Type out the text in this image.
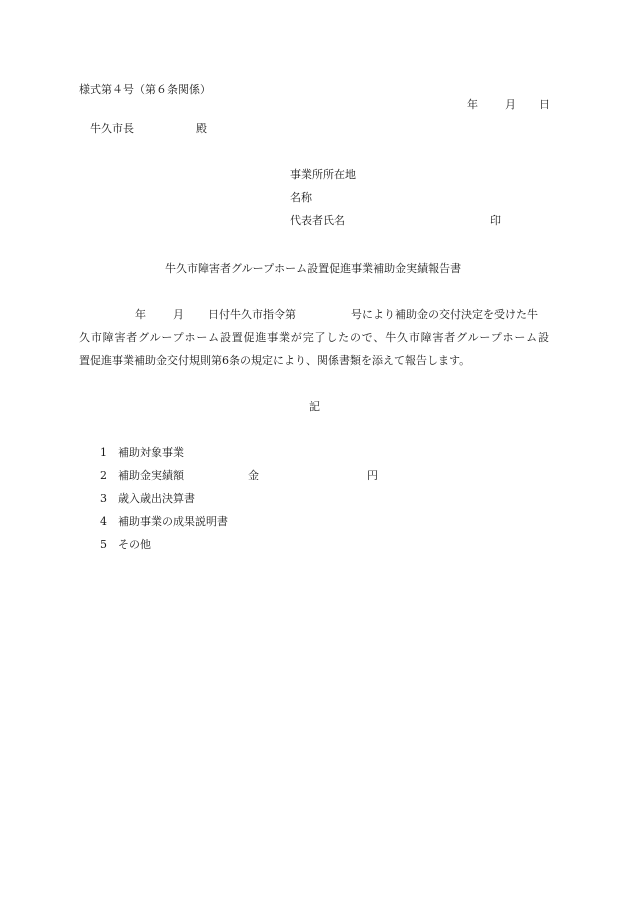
様式第４号（第６条関係）
年 月 日
牛久市長	殿
事業所所在地
名称
代表者氏名	印
牛久市障害者グループホーム設置促進事業補助金実績報告書
年 月 日付牛久市指令第	号により補助金の交付決定を受けた牛
久市障害者グループホーム設置促進事業が完了したので、牛久市障害者グループホーム設
置促進事業補助金交付規則第6条の規定により、関係書類を添えて報告します。
記
1 補助対象事業
2 補助金実績額	金	円
3 歳入歳出決算書
4 補助事業の成果説明書
5 その他
